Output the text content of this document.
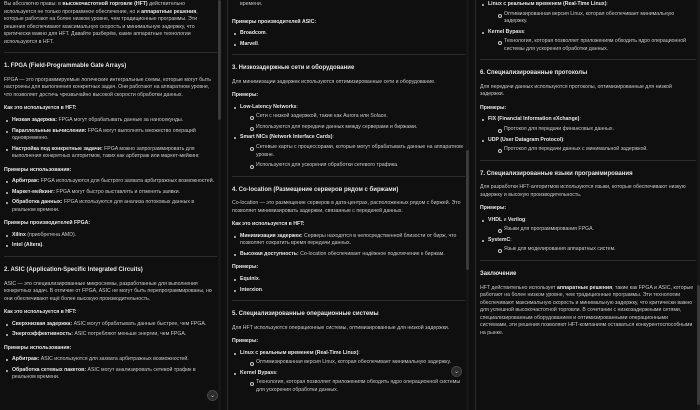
Вы абсолютно правы: в высокочастотной торговле (HFT) действительно используется не только программное обеспечение, но и аппаратные решения, которые работают на более низком уровне, чем традиционные программы. Эти решения обеспечивают максимальную скорость и минимальную задержку, что критически важно для HFT. Давайте разберём, какие аппаратные технологии используются в HFT.

1. FPGA (Field-Programmable Gate Arrays)

FPGA — это программируемые логические интегральные схемы, которые могут быть настроены для выполнения конкретных задач. Они работают на аппаратном уровне, что позволяет достичь чрезвычайно высокой скорости обработки данных.

Как это используется в HFT:
Низкая задержка: FPGA могут обрабатывать данные за наносекунды.
Параллельные вычисления: FPGA могут выполнять множество операций одновременно.
Настройка под конкретные задачи: FPGA можно запрограммировать для выполнения конкретных алгоритмов, таких как арбитраж или маркет-мейкинг.
Примеры использования:
Арбитраж: FPGA используются для быстрого захвата арбитражных возможностей.
Маркет-мейкинг: FPGA могут быстро выставлять и отменять заявки.
Обработка данных: FPGA используются для анализа потоковых данных в реальном времени.
Примеры производителей FPGA:
Xilinx (приобретена AMD).
Intel (Altera).
2. ASIC (Application-Specific Integrated Circuits)

ASIC — это специализированные микросхемы, разработанные для выполнения конкретных задач. В отличие от FPGA, ASIC не могут быть перепрограммированы, но они обеспечивают ещё более высокую производительность.

Как это используется в HFT:
Сверхнизкая задержка: ASIC могут обрабатывать данные быстрее, чем FPGA.
Энергоэффективность: ASIC потребляют меньше энергии, чем FPGA.
Примеры использования:
Арбитраж: ASIC используются для захвата арбитражных возможностей.
Обработка сетевых пакетов: ASIC могут анализировать сетевой трафик в реальном времени.
⌄

времени.

Примеры производителей ASIC:
Broadcom.
Marvell.
3. Низкозадержные сети и оборудование

Для минимизации задержек используются оптимизированные сети и оборудование.

Примеры:
Low-Latency Networks:
Сети с низкой задержкой, такие как Aurora или Solace.
Используются для передачи данных между серверами и биржами.
Smart NICs (Network Interface Cards):
Сетевые карты с процессорами, которые могут обрабатывать данные на аппаратном уровне.
Используются для ускорения обработки сетевого трафика.
4. Co-location (Размещение серверов рядом с биржами)

Co-location — это размещение серверов в дата-центрах, расположенных рядом с биржей. Это позволяет минимизировать задержки, связанные с передачей данных.

Как это используется в HFT:
Минимизация задержек: Серверы находятся в непосредственной близости от бирж, что позволяет сократить время передачи данных.
Высокая доступность: Co-location обеспечивает надёжное подключение к биржам.
Примеры:
Equinix.
Interxion.
5. Специализированные операционные системы

Для HFT используются операционные системы, оптимизированные для низкой задержки.

Примеры:
Linux с реальным временем (Real-Time Linux):
Оптимизированная версия Linux, которая обеспечивает минимальную задержку.
Kernel Bypass:
Технология, которая позволяет приложениям обходить ядро операционной системы для ускорения обработки данных.
⌄
Linux с реальным временем (Real-Time Linux):
Оптимизированная версия Linux, которая обеспечивает минимальную задержку.
Kernel Bypass:
Технология, которая позволяет приложениям обходить ядро операционной системы для ускорения обработки данных.
6. Специализированные протоколы

Для передачи данных используются протоколы, оптимизированные для низкой задержки.

Примеры:
FIX (Financial Information eXchange):
Протокол для передачи финансовых данных.
UDP (User Datagram Protocol):
Протокол для передачи данных с минимальной задержкой.
7. Специализированные языки программирования

Для разработки HFT-алгоритмов используются языки, которые обеспечивают низкую задержку и высокую производительность.

Примеры:
VHDL и Verilog:
Языки для программирования FPGA.
SystemC:
Язык для моделирования аппаратных систем.
Заключение

HFT действительно использует аппаратные решения, такие как FPGA и ASIC, которые работают на более низком уровне, чем традиционные программы. Эти технологии обеспечивают максимальную скорость и минимальную задержку, что критически важно для успешной высокочастотной торговли. В сочетании с низкозадержными сетями, специализированным оборудованием и оптимизированными операционными системами, эти решения позволяют HFT-компаниям оставаться конкурентоспособными на рынке.
